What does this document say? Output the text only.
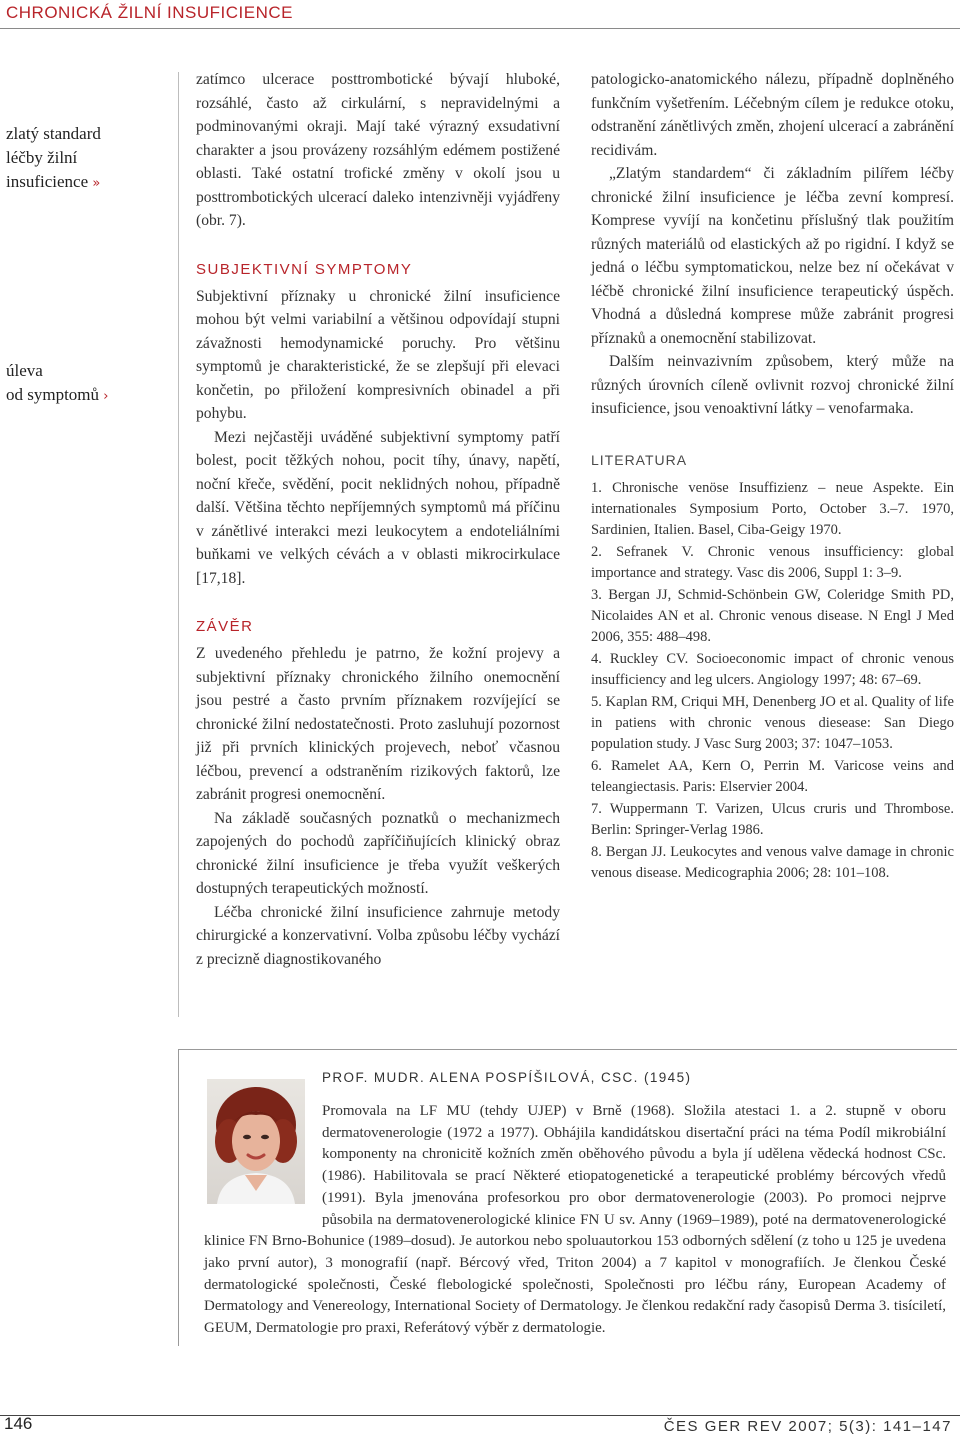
CHRONICKÁ ŽILNÍ INSUFICIENCE
zlatý standard
léčby žilní
insuficience »
úleva
od symptomů ›

zatímco ulcerace posttrombotické bývají hluboké, rozsáhlé, často až cirkulární, s nepravidelnými a podminovanými okraji. Mají také výrazný exsudativní charakter a jsou provázeny rozsáhlým edémem postižené oblasti. Také ostatní trofické změny v okolí jsou u posttrombotických ulcerací daleko intenzivněji vyjádřeny (obr. 7).

SUBJEKTIVNÍ SYMPTOMY

Subjektivní příznaky u chronické žilní insuficience mohou být velmi variabilní a většinou odpovídají stupni závažnosti hemodynamické poruchy. Pro většinu symptomů je charakteristické, že se zlepšují při elevaci končetin, po přiložení kompresivních obinadel a při pohybu.

Mezi nejčastěji uváděné subjektivní symptomy patří bolest, pocit těžkých nohou, pocit tíhy, únavy, napětí, noční křeče, svědění, pocit neklidných nohou, případně další. Většina těchto nepříjemných symptomů má příčinu v zánětlivé interakci mezi leukocytem a endoteliálními buňkami ve velkých cévách a v oblasti mikrocirkulace [17,18].

ZÁVĚR

Z uvedeného přehledu je patrno, že kožní projevy a subjektivní příznaky chronického žilního onemocnění jsou pestré a často prvním příznakem rozvíjející se chronické žilní nedostatečnosti. Proto zasluhují pozornost již při prvních klinických projevech, neboť včasnou léčbou, prevencí a odstraněním rizikových faktorů, lze zabránit progresi onemocnění.

Na základě současných poznatků o mechanizmech zapojených do pochodů zapříčiňujících klinický obraz chronické žilní insuficience je třeba využít veškerých dostupných terapeutických možností.

Léčba chronické žilní insuficience zahrnuje metody chirurgické a konzervativní. Volba způsobu léčby vychází z precizně diagnostikovaného

patologicko-anatomického nálezu, případně doplněného funkčním vyšetřením. Léčebným cílem je redukce otoku, odstranění zánětlivých změn, zhojení ulcerací a zabránění recidivám.

„Zlatým standardem“ či základním pilířem léčby chronické žilní insuficience je léčba zevní kompresí. Komprese vyvíjí na končetinu příslušný tlak použitím různých materiálů od elastických až po rigidní. I když se jedná o léčbu symptomatickou, nelze bez ní očekávat v léčbě chronické žilní insuficience terapeutický úspěch. Vhodná a důsledná komprese může zabránit progresi příznaků a onemocnění stabilizovat.

Dalším neinvazivním způsobem, který může na různých úrovních cíleně ovlivnit rozvoj chronické žilní insuficience, jsou venoaktivní látky – venofarmaka.

LITERATURA
1. Chronische venöse Insuffizienz – neue Aspekte. Ein internationales Symposium Porto, October 3.–7. 1970, Sardinien, Italien. Basel, Ciba-Geigy 1970.
2. Sefranek V. Chronic venous insufficiency: global importance and strategy. Vasc dis 2006, Suppl 1: 3–9.
3. Bergan JJ, Schmid-Schönbein GW, Coleridge Smith PD, Nicolaides AN et al. Chronic venous disease. N Engl J Med 2006, 355: 488–498.
4. Ruckley CV. Socioeconomic impact of chronic venous insufficiency and leg ulcers. Angiology 1997; 48: 67–69.
5. Kaplan RM, Criqui MH, Denenberg JO et al. Quality of life in patiens with chronic venous diesease: San Diego population study. J Vasc Surg 2003; 37: 1047–1053.
6. Ramelet AA, Kern O, Perrin M. Varicose veins and teleangiectasis. Paris: Elservier 2004.
7. Wuppermann T. Varizen, Ulcus cruris und Thrombose. Berlin: Springer-Verlag 1986.
8. Bergan JJ. Leukocytes and venous valve damage in chronic venous disease. Medicographia 2006; 28: 101–108.
PROF. MUDR. ALENA POSPÍŠILOVÁ, CSC. (1945)

Promovala na LF MU (tehdy UJEP) v Brně (1968). Složila atestaci 1. a 2. stupně v oboru dermatovenerologie (1972 a 1977). Obhájila kandidátskou disertační práci na téma Podíl mikrobiální komponenty na chronicitě kožních změn oběhového původu a byla jí udělena vědecká hodnost CSc. (1986). Habilitovala se prací Některé etiopatogenetické a terapeutické problémy bércových vředů (1991). Byla jmenována profesorkou pro obor dermatovenerologie (2003). Po promoci nejprve působila na dermatovenerologické klinice FN U sv. Anny (1969–1989), poté na dermatovenerologické klinice FN Brno-Bohunice (1989–dosud). Je autorkou nebo spoluautorkou 153 odborných sdělení (z toho u 125 je uvedena jako první autor), 3 monografií (např. Bércový vřed, Triton 2004) a 7 kapitol v monografiích. Je členkou České dermatologické společnosti, České flebologické společnosti, Společnosti pro léčbu rány, European Academy of Dermatology and Venereology, International Society of Dermatology. Je členkou redakční rady časopisů Derma 3. tisíciletí, GEUM, Dermatologie pro praxi, Referátový výběr z dermatologie.

146	ČES GER REV 2007; 5(3): 141–147
